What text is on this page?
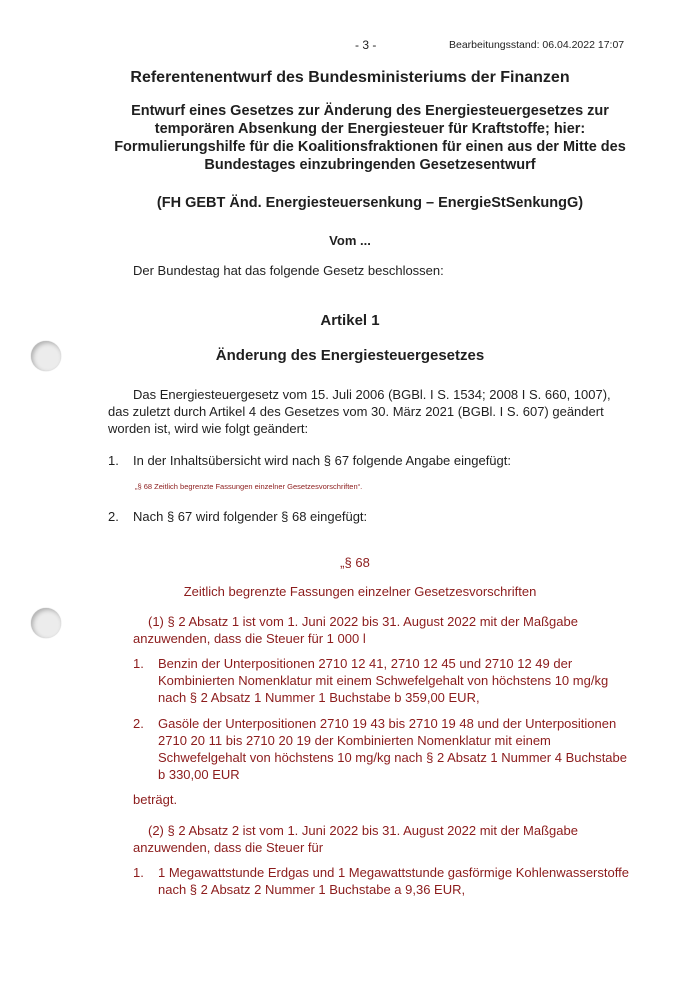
- 3 -	Bearbeitungsstand: 06.04.2022 17:07
Referentenentwurf des Bundesministeriums der Finanzen
Entwurf eines Gesetzes zur Änderung des Energiesteuergesetzes zur temporären Absenkung der Energiesteuer für Kraftstoffe; hier: Formulierungshilfe für die Koalitionsfraktionen für einen aus der Mitte des Bundestages einzubringenden Gesetzesentwurf
(FH GEBT Änd. Energiesteuersenkung – EnergieStSenkungG)
Vom ...
Der Bundestag hat das folgende Gesetz beschlossen:
Artikel 1
Änderung des Energiesteuergesetzes
Das Energiesteuergesetz vom 15. Juli 2006 (BGBl. I S. 1534; 2008 I S. 660, 1007), das zuletzt durch Artikel 4 des Gesetzes vom 30. März 2021 (BGBl. I S. 607) geändert worden ist, wird wie folgt geändert:
1. In der Inhaltsübersicht wird nach § 67 folgende Angabe eingefügt:
„§ 68 Zeitlich begrenzte Fassungen einzelner Gesetzesvorschriften“.
2. Nach § 67 wird folgender § 68 eingefügt:
„§ 68
Zeitlich begrenzte Fassungen einzelner Gesetzesvorschriften
(1) § 2 Absatz 1 ist vom 1. Juni 2022 bis 31. August 2022 mit der Maßgabe anzuwenden, dass die Steuer für 1 000 l
1. Benzin der Unterpositionen 2710 12 41, 2710 12 45 und 2710 12 49 der Kombinierten Nomenklatur mit einem Schwefelgehalt von höchstens 10 mg/kg nach § 2 Absatz 1 Nummer 1 Buchstabe b 359,00 EUR,
2. Gasöle der Unterpositionen 2710 19 43 bis 2710 19 48 und der Unterpositionen 2710 20 11 bis 2710 20 19 der Kombinierten Nomenklatur mit einem Schwefelgehalt von höchstens 10 mg/kg nach § 2 Absatz 1 Nummer 4 Buchstabe b 330,00 EUR
beträgt.
(2) § 2 Absatz 2 ist vom 1. Juni 2022 bis 31. August 2022 mit der Maßgabe anzuwenden, dass die Steuer für
1. 1 Megawattstunde Erdgas und 1 Megawattstunde gasförmige Kohlenwasserstoffe nach § 2 Absatz 2 Nummer 1 Buchstabe a 9,36 EUR,
